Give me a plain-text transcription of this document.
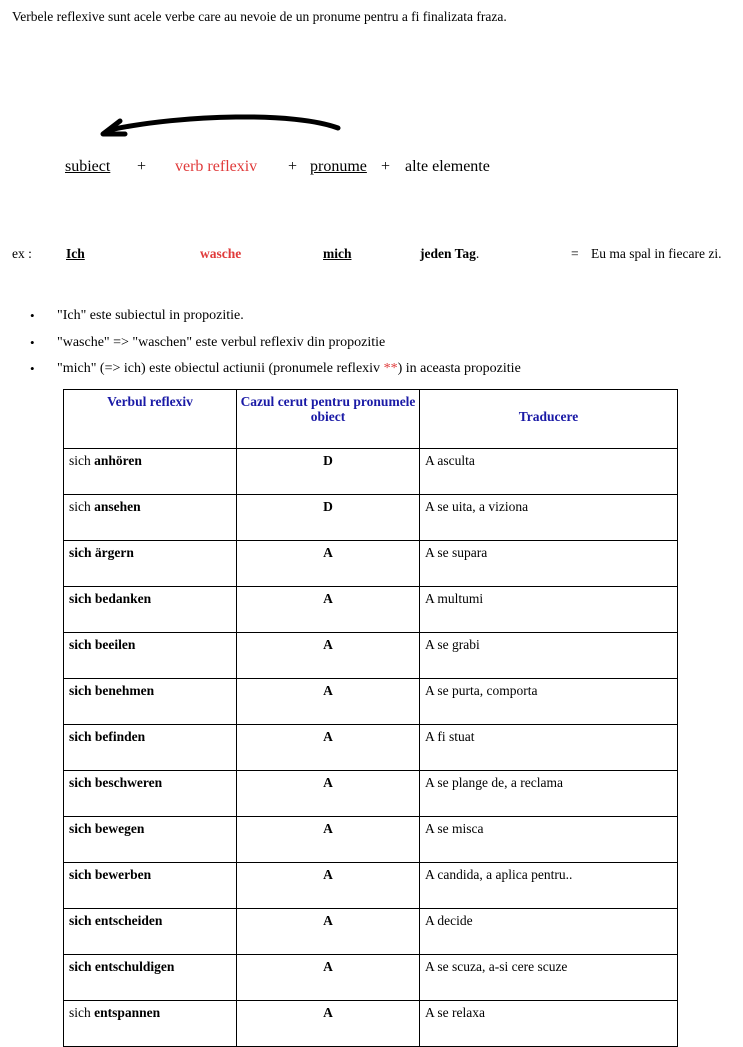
Verbele reflexive sunt acele verbe care au nevoie de un pronume pentru a fi finalizata fraza.
subiect + verb reflexiv + pronume + alte elemente
ex :	Ich	wasche	mich	jeden Tag.	= Eu ma spal in fiecare zi.
• "Ich" este subiectul in propozitie.
• "wasche" => "waschen" este verbul reflexiv din propozitie
• "mich" (=> ich) este obiectul actiunii (pronumele reflexiv **) in aceasta propozitie
Verbul reflexiv	Cazul cerut pentru pronumele obiect	Traducere
sich anhören	D	A asculta
sich ansehen	D	A se uita, a viziona
sich ärgern	A	A se supara
sich bedanken	A	A multumi
sich beeilen	A	A se grabi
sich benehmen	A	A se purta, comporta
sich befinden	A	A fi stuat
sich beschweren	A	A se plange de, a reclama
sich bewegen	A	A se misca
sich bewerben	A	A candida, a aplica pentru..
sich entscheiden	A	A decide
sich entschuldigen	A	A se scuza, a-si cere scuze
sich entspannen	A	A se relaxa
